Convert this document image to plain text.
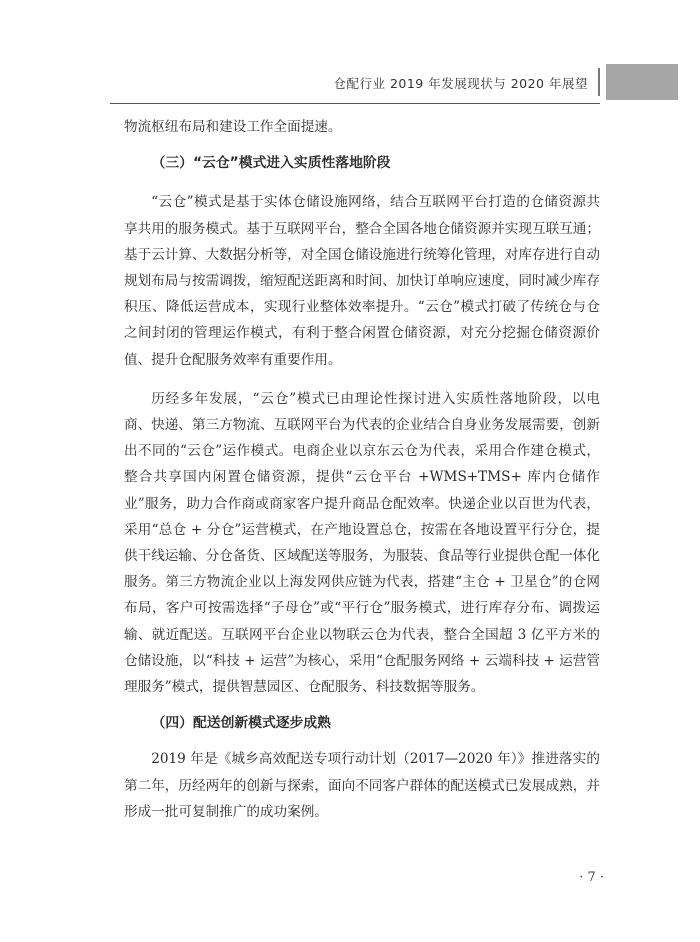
仓配行业 2019 年发展现状与 2020 年展望

物流枢纽布局和建设工作全面提速。

（三）“云仓”模式进入实质性落地阶段

“云仓”模式是基于实体仓储设施网络，结合互联网平台打造的仓储资源共享共用的服务模式。基于互联网平台，整合全国各地仓储资源并实现互联互通；基于云计算、大数据分析等，对全国仓储设施进行统筹化管理，对库存进行自动规划布局与按需调拨，缩短配送距离和时间、加快订单响应速度，同时减少库存积压、降低运营成本，实现行业整体效率提升。“云仓”模式打破了传统仓与仓之间封闭的管理运作模式，有利于整合闲置仓储资源，对充分挖掘仓储资源价值、提升仓配服务效率有重要作用。

历经多年发展，“云仓”模式已由理论性探讨进入实质性落地阶段，以电商、快递、第三方物流、互联网平台为代表的企业结合自身业务发展需要，创新出不同的“云仓”运作模式。电商企业以京东云仓为代表，采用合作建仓模式，整合共享国内闲置仓储资源，提供“云仓平台 +WMS+TMS+ 库内仓储作业”服务，助力合作商或商家客户提升商品仓配效率。快递企业以百世为代表，采用“总仓 + 分仓”运营模式，在产地设置总仓，按需在各地设置平行分仓，提供干线运输、分仓备货、区域配送等服务，为服装、食品等行业提供仓配一体化服务。第三方物流企业以上海发网供应链为代表，搭建“主仓 + 卫星仓”的仓网布局，客户可按需选择“子母仓”或“平行仓”服务模式，进行库存分布、调拨运输、就近配送。互联网平台企业以物联云仓为代表，整合全国超 3 亿平方米的仓储设施，以“科技 + 运营”为核心，采用“仓配服务网络 + 云端科技 + 运营管理服务”模式，提供智慧园区、仓配服务、科技数据等服务。

（四）配送创新模式逐步成熟

2019 年是《城乡高效配送专项行动计划（2017—2020 年）》推进落实的第二年，历经两年的创新与探索，面向不同客户群体的配送模式已发展成熟，并形成一批可复制推广的成功案例。

· 7 ·
